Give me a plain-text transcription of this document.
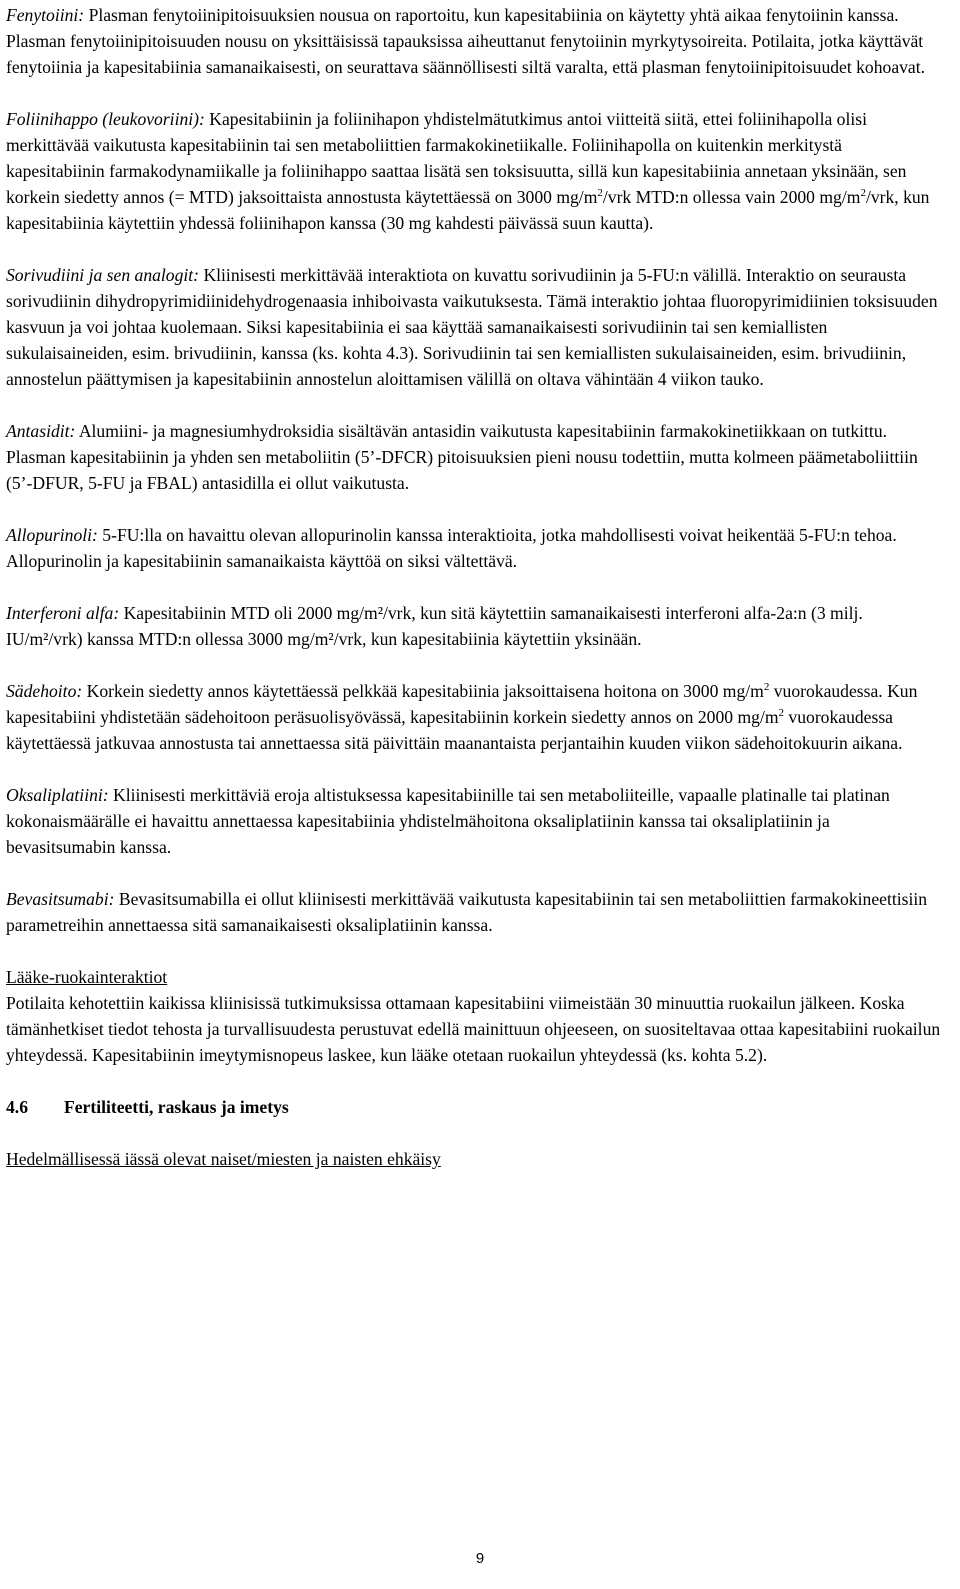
Fenytoiini: Plasman fenytoiinipitoisuuksien nousua on raportoitu, kun kapesitabiinia on käytetty yhtä aikaa fenytoiinin kanssa. Plasman fenytoiinipitoisuuden nousu on yksittäisissä tapauksissa aiheuttanut fenytoiinin myrkytysoireita. Potilaita, jotka käyttävät fenytoiinia ja kapesitabiinia samanaikaisesti, on seurattava säännöllisesti siltä varalta, että plasman fenytoiinipitoisuudet kohoavat.

Foliinihappo (leukovoriini): Kapesitabiinin ja foliinihapon yhdistelmätutkimus antoi viitteitä siitä, ettei foliinihapolla olisi merkittävää vaikutusta kapesitabiinin tai sen metaboliittien farmakokinetiikalle. Foliinihapolla on kuitenkin merkitystä kapesitabiinin farmakodynamiikalle ja foliinihappo saattaa lisätä sen toksisuutta, sillä kun kapesitabiinia annetaan yksinään, sen korkein siedetty annos (= MTD) jaksoittaista annostusta käytettäessä on 3000 $mg/m^2$/vrk MTD:n ollessa vain 2000 $mg/m^2$/vrk, kun kapesitabiinia käytettiin yhdessä foliinihapon kanssa (30 mg kahdesti päivässä suun kautta).

Sorivudiini ja sen analogit: Kliinisesti merkittävää interaktiota on kuvattu sorivudiinin ja 5-FU:n välillä. Interaktio on seurausta sorivudiinin dihydropyrimidiinidehydrogenaasia inhiboivasta vaikutuksesta. Tämä interaktio johtaa fluoropyrimidiinien toksisuuden kasvuun ja voi johtaa kuolemaan. Siksi kapesitabiinia ei saa käyttää samanaikaisesti sorivudiinin tai sen kemiallisten sukulaisaineiden, esim. brivudiinin, kanssa (ks. kohta 4.3). Sorivudiinin tai sen kemiallisten sukulaisaineiden, esim. brivudiinin, annostelun päättymisen ja kapesitabiinin annostelun aloittamisen välillä on oltava vähintään 4 viikon tauko.

Antasidit: Alumiini- ja magnesiumhydroksidia sisältävän antasidin vaikutusta kapesitabiinin farmakokinetiikkaan on tutkittu. Plasman kapesitabiinin ja yhden sen metaboliitin (5’-DFCR) pitoisuuksien pieni nousu todettiin, mutta kolmeen päämetaboliittiin (5’-DFUR, 5-FU ja FBAL) antasidilla ei ollut vaikutusta.

Allopurinoli: 5-FU:lla on havaittu olevan allopurinolin kanssa interaktioita, jotka mahdollisesti voivat heikentää 5-FU:n tehoa. Allopurinolin ja kapesitabiinin samanaikaista käyttöä on siksi vältettävä.

Interferoni alfa: Kapesitabiinin MTD oli 2000 mg/m²/vrk, kun sitä käytettiin samanaikaisesti interferoni alfa-2a:n (3 milj. IU/m²/vrk) kanssa MTD:n ollessa 3000 mg/m²/vrk, kun kapesitabiinia käytettiin yksinään.

Sädehoito: Korkein siedetty annos käytettäessä pelkkää kapesitabiinia jaksoittaisena hoitona on 3000 $mg/m^2$ vuorokaudessa. Kun kapesitabiini yhdistetään sädehoitoon peräsuolisyövässä, kapesitabiinin korkein siedetty annos on 2000 $mg/m^2$ vuorokaudessa käytettäessä jatkuvaa annostusta tai annettaessa sitä päivittäin maanantaista perjantaihin kuuden viikon sädehoitokuurin aikana.

Oksaliplatiini: Kliinisesti merkittäviä eroja altistuksessa kapesitabiinille tai sen metaboliiteille, vapaalle platinalle tai platinan kokonaismäärälle ei havaittu annettaessa kapesitabiinia yhdistelmähoitona oksaliplatiinin kanssa tai oksaliplatiinin ja bevasitsumabin kanssa.

Bevasitsumabi: Bevasitsumabilla ei ollut kliinisesti merkittävää vaikutusta kapesitabiinin tai sen metaboliittien farmakokineettisiin parametreihin annettaessa sitä samanaikaisesti oksaliplatiinin kanssa.

Lääke-ruokainteraktiot
Potilaita kehotettiin kaikissa kliinisissä tutkimuksissa ottamaan kapesitabiini viimeistään 30 minuuttia ruokailun jälkeen. Koska tämänhetkiset tiedot tehosta ja turvallisuudesta perustuvat edellä mainittuun ohjeeseen, on suositeltavaa ottaa kapesitabiini ruokailun yhteydessä. Kapesitabiinin imeytymisnopeus laskee, kun lääke otetaan ruokailun yhteydessä (ks. kohta 5.2).

4.6 Fertiliteetti, raskaus ja imetys

Hedelmällisessä iässä olevat naiset/miesten ja naisten ehkäisy

9
